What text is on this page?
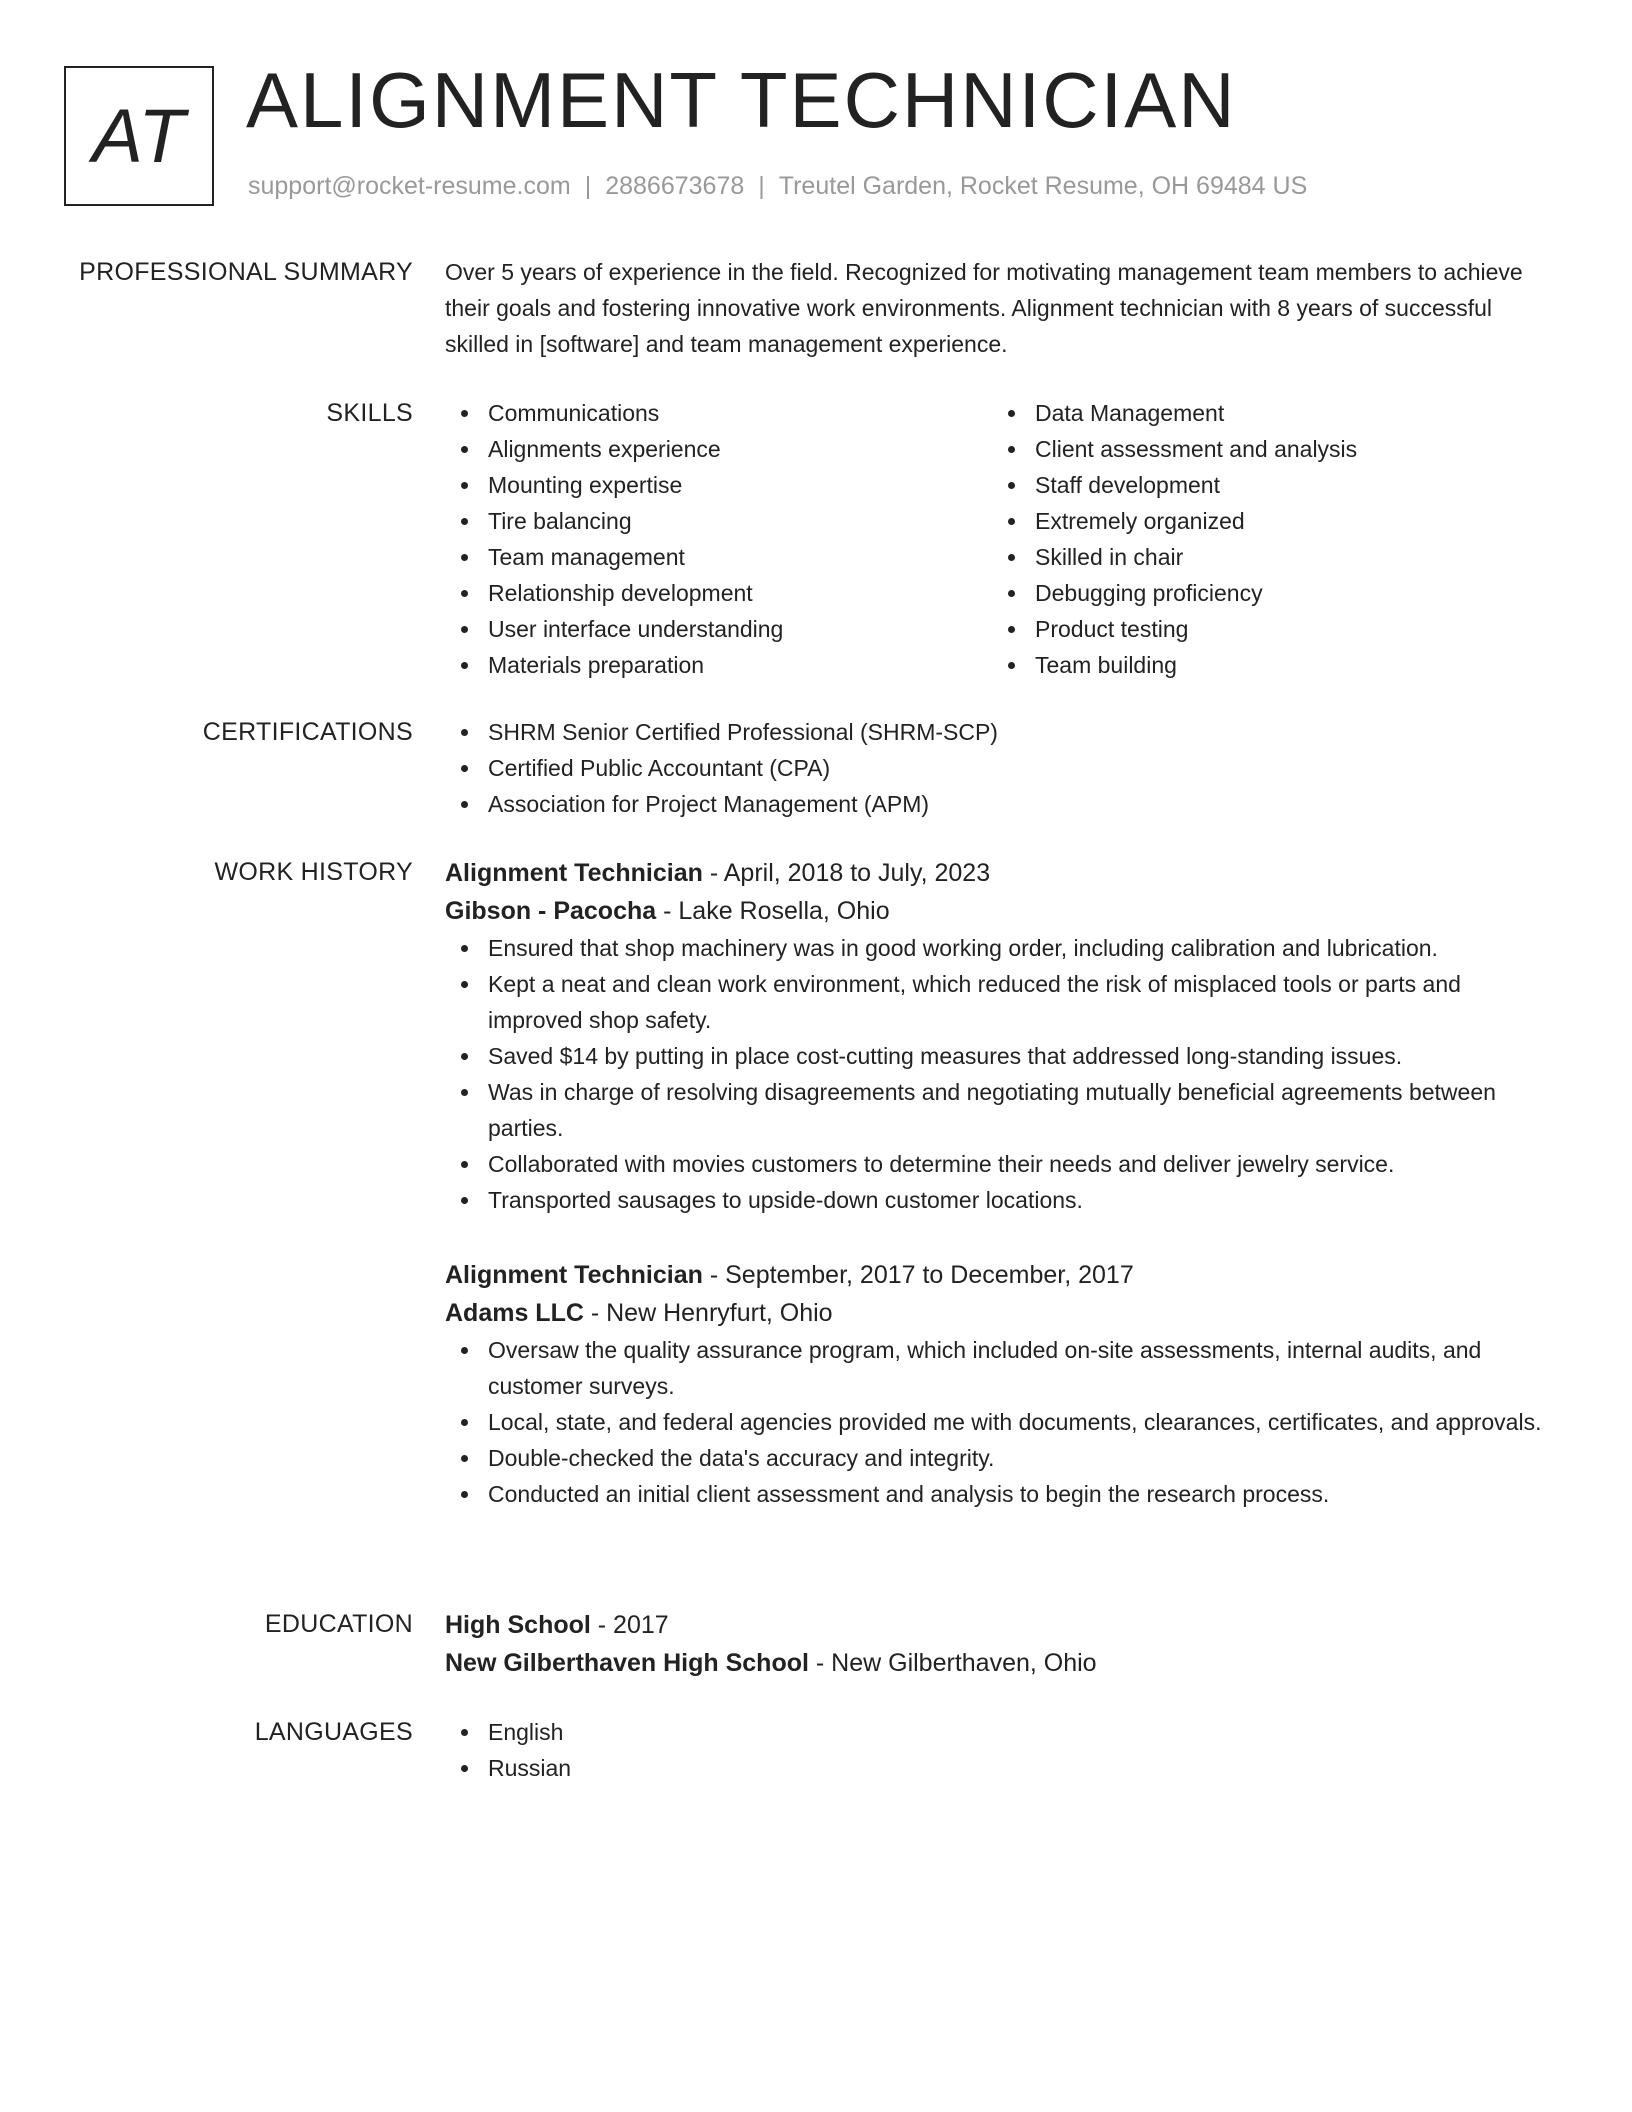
AT ALIGNMENT TECHNICIAN
support@rocket-resume.com | 2886673678 | Treutel Garden, Rocket Resume, OH 69484 US
PROFESSIONAL SUMMARY Over 5 years of experience in the field. Recognized for motivating management team members to achieve their goals and fostering innovative work environments. Alignment technician with 8 years of successful skilled in [software] and team management experience.

SKILLS	Communications
Alignments experience
Mounting expertise
Tire balancing
Team management
Relationship development
User interface understanding
Materials preparation
Data Management
Client assessment and analysis
Staff development
Extremely organized
Skilled in chair
Debugging proficiency
Product testing
Team building
CERTIFICATIONS	SHRM Senior Certified Professional (SHRM-SCP)
Certified Public Accountant (CPA)
Association for Project Management (APM)
WORK HISTORY Alignment Technician - April, 2018 to July, 2023
Gibson - Pacocha - Lake Rosella, Ohio
Ensured that shop machinery was in good working order, including calibration and lubrication.
Kept a neat and clean work environment, which reduced the risk of misplaced tools or parts and improved shop safety.
Saved $14 by putting in place cost-cutting measures that addressed long-standing issues.
Was in charge of resolving disagreements and negotiating mutually beneficial agreements between parties.
Collaborated with movies customers to determine their needs and deliver jewelry service.
Transported sausages to upside-down customer locations.
Alignment Technician - September, 2017 to December, 2017
Adams LLC - New Henryfurt, Ohio
Oversaw the quality assurance program, which included on-site assessments, internal audits, and customer surveys.
Local, state, and federal agencies provided me with documents, clearances, certificates, and approvals.
Double-checked the data's accuracy and integrity.
Conducted an initial client assessment and analysis to begin the research process.
EDUCATION High School - 2017
New Gilberthaven High School - New Gilberthaven, Ohio
LANGUAGES	English
Russian
